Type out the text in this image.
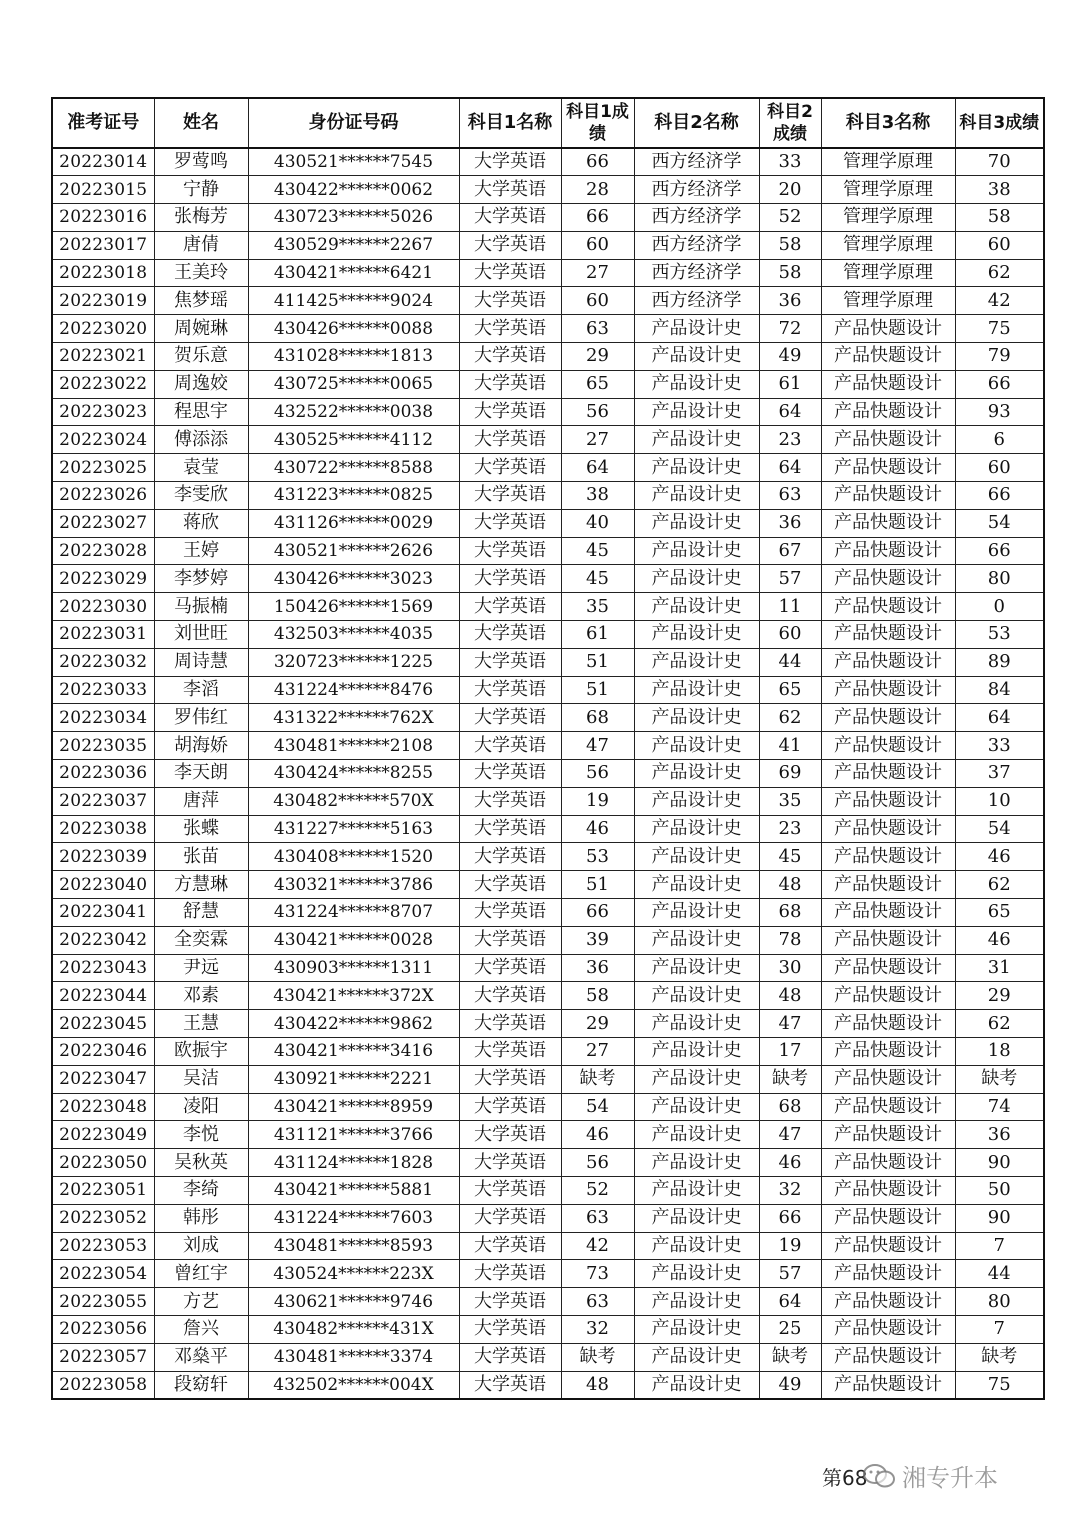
准考证号	姓名	身份证号码	科目1名称	科目1成绩	科目2名称	科目2成绩	科目3名称	科目3成绩
20223014	罗莺鸣	430521******7545	大学英语	66	西方经济学	33	管理学原理	70
20223015	宁静	430422******0062	大学英语	28	西方经济学	20	管理学原理	38
20223016	张梅芳	430723******5026	大学英语	66	西方经济学	52	管理学原理	58
20223017	唐倩	430529******2267	大学英语	60	西方经济学	58	管理学原理	60
20223018	王美玲	430421******6421	大学英语	27	西方经济学	58	管理学原理	62
20223019	焦梦瑶	411425******9024	大学英语	60	西方经济学	36	管理学原理	42
20223020	周婉琳	430426******0088	大学英语	63	产品设计史	72	产品快题设计	75
20223021	贺乐意	431028******1813	大学英语	29	产品设计史	49	产品快题设计	79
20223022	周逸姣	430725******0065	大学英语	65	产品设计史	61	产品快题设计	66
20223023	程思宇	432522******0038	大学英语	56	产品设计史	64	产品快题设计	93
20223024	傅添添	430525******4112	大学英语	27	产品设计史	23	产品快题设计	6
20223025	袁莹	430722******8588	大学英语	64	产品设计史	64	产品快题设计	60
20223026	李雯欣	431223******0825	大学英语	38	产品设计史	63	产品快题设计	66
20223027	蒋欣	431126******0029	大学英语	40	产品设计史	36	产品快题设计	54
20223028	王婷	430521******2626	大学英语	45	产品设计史	67	产品快题设计	66
20223029	李梦婷	430426******3023	大学英语	45	产品设计史	57	产品快题设计	80
20223030	马振楠	150426******1569	大学英语	35	产品设计史	11	产品快题设计	0
20223031	刘世旺	432503******4035	大学英语	61	产品设计史	60	产品快题设计	53
20223032	周诗慧	320723******1225	大学英语	51	产品设计史	44	产品快题设计	89
20223033	李滔	431224******8476	大学英语	51	产品设计史	65	产品快题设计	84
20223034	罗伟红	431322******762X	大学英语	68	产品设计史	62	产品快题设计	64
20223035	胡海娇	430481******2108	大学英语	47	产品设计史	41	产品快题设计	33
20223036	李天朗	430424******8255	大学英语	56	产品设计史	69	产品快题设计	37
20223037	唐萍	430482******570X	大学英语	19	产品设计史	35	产品快题设计	10
20223038	张蝶	431227******5163	大学英语	46	产品设计史	23	产品快题设计	54
20223039	张苗	430408******1520	大学英语	53	产品设计史	45	产品快题设计	46
20223040	方慧琳	430321******3786	大学英语	51	产品设计史	48	产品快题设计	62
20223041	舒慧	431224******8707	大学英语	66	产品设计史	68	产品快题设计	65
20223042	全奕霖	430421******0028	大学英语	39	产品设计史	78	产品快题设计	46
20223043	尹远	430903******1311	大学英语	36	产品设计史	30	产品快题设计	31
20223044	邓素	430421******372X	大学英语	58	产品设计史	48	产品快题设计	29
20223045	王慧	430422******9862	大学英语	29	产品设计史	47	产品快题设计	62
20223046	欧振宇	430421******3416	大学英语	27	产品设计史	17	产品快题设计	18
20223047	吴洁	430921******2221	大学英语	缺考	产品设计史	缺考	产品快题设计	缺考
20223048	凌阳	430421******8959	大学英语	54	产品设计史	68	产品快题设计	74
20223049	李悦	431121******3766	大学英语	46	产品设计史	47	产品快题设计	36
20223050	吴秋英	431124******1828	大学英语	56	产品设计史	46	产品快题设计	90
20223051	李绮	430421******5881	大学英语	52	产品设计史	32	产品快题设计	50
20223052	韩彤	431224******7603	大学英语	63	产品设计史	66	产品快题设计	90
20223053	刘成	430481******8593	大学英语	42	产品设计史	19	产品快题设计	7
20223054	曾红宇	430524******223X	大学英语	73	产品设计史	57	产品快题设计	44
20223055	方艺	430621******9746	大学英语	63	产品设计史	64	产品快题设计	80
20223056	詹兴	430482******431X	大学英语	32	产品设计史	25	产品快题设计	7
20223057	邓燊平	430481******3374	大学英语	缺考	产品设计史	缺考	产品快题设计	缺考
20223058	段窈轩	432502******004X	大学英语	48	产品设计史	49	产品快题设计	75
第68 湘专升本
